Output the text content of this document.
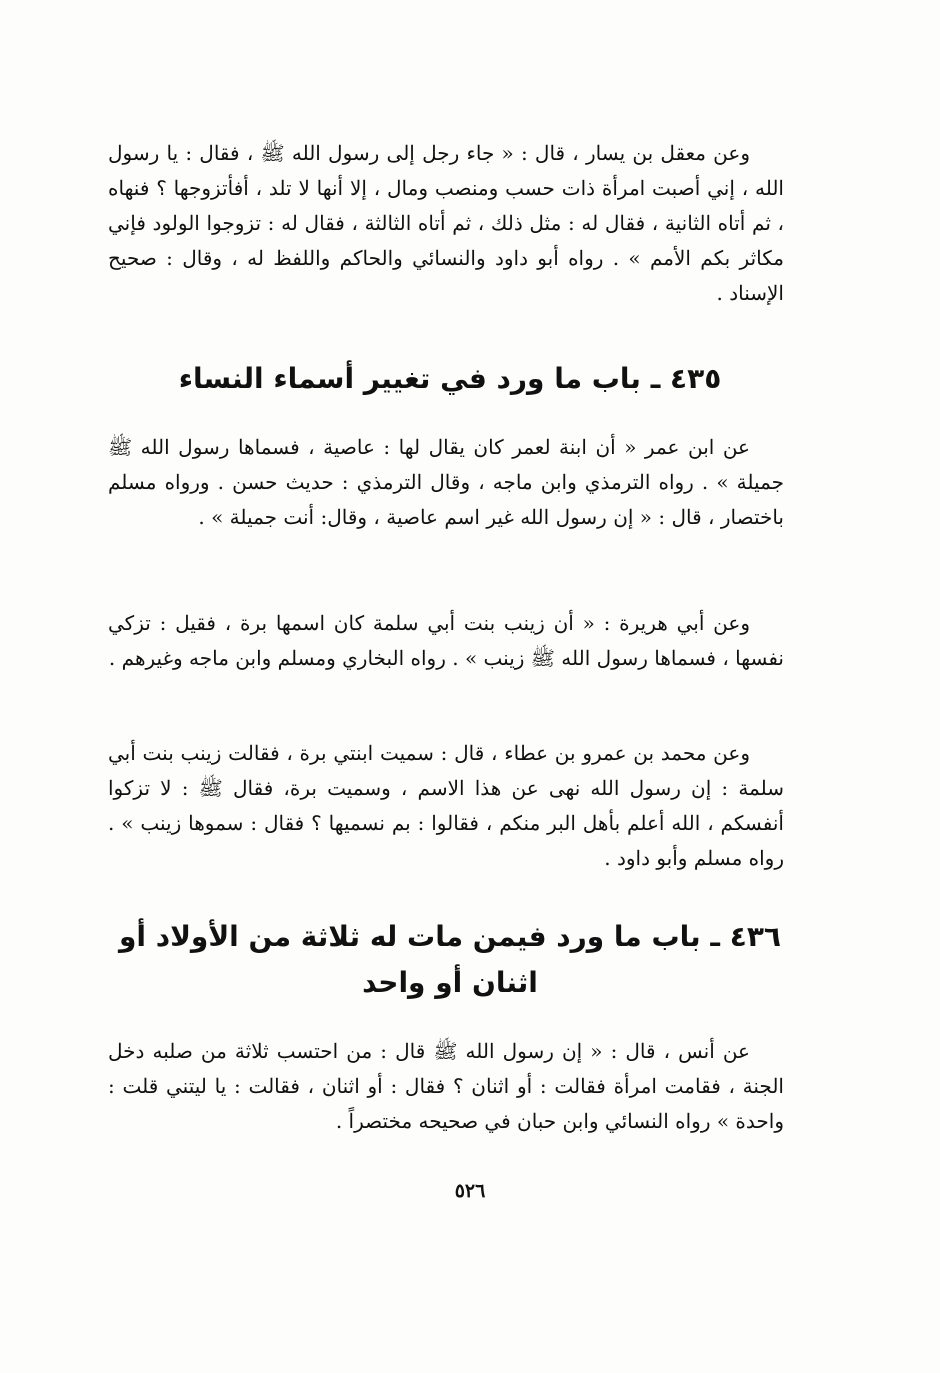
وعن معقل بن يسار ، قال : « جاء رجل إلى رسول الله ﷺ ، فقال : يا رسول الله ، إني أصبت امرأة ذات حسب ومنصب ومال ، إلا أنها لا تلد ، أفأتزوجها ؟ فنهاه ، ثم أتاه الثانية ، فقال له : مثل ذلك ، ثم أتاه الثالثة ، فقال له : تزوجوا الولود فإني مكاثر بكم الأمم » . رواه أبو داود والنسائي والحاكم واللفظ له ، وقال : صحيح الإسناد .

٤٣٥ ـ باب ما ورد في تغيير أسماء النساء

عن ابن عمر « أن ابنة لعمر كان يقال لها : عاصية ، فسماها رسول الله ﷺ جميلة » . رواه الترمذي وابن ماجه ، وقال الترمذي : حديث حسن . ورواه مسلم باختصار ، قال : « إن رسول الله غير اسم عاصية ، وقال: أنت جميلة » .

وعن أبي هريرة : « أن زينب بنت أبي سلمة كان اسمها برة ، فقيل : تزكي نفسها ، فسماها رسول الله ﷺ زينب » . رواه البخاري ومسلم وابن ماجه وغيرهم .

وعن محمد بن عمرو بن عطاء ، قال : سميت ابنتي برة ، فقالت زينب بنت أبي سلمة : إن رسول الله نهى عن هذا الاسم ، وسميت برة، فقال ﷺ : لا تزكوا أنفسكم ، الله أعلم بأهل البر منكم ، فقالوا : بم نسميها ؟ فقال : سموها زينب » . رواه مسلم وأبو داود .

٤٣٦ ـ باب ما ورد فيمن مات له ثلاثة من الأولاد أو اثنان أو واحد

عن أنس ، قال : « إن رسول الله ﷺ قال : من احتسب ثلاثة من صلبه دخل الجنة ، فقامت امرأة فقالت : أو اثنان ؟ فقال : أو اثنان ، فقالت : يا ليتني قلت : واحدة » رواه النسائي وابن حبان في صحيحه مختصراً .

٥٢٦
